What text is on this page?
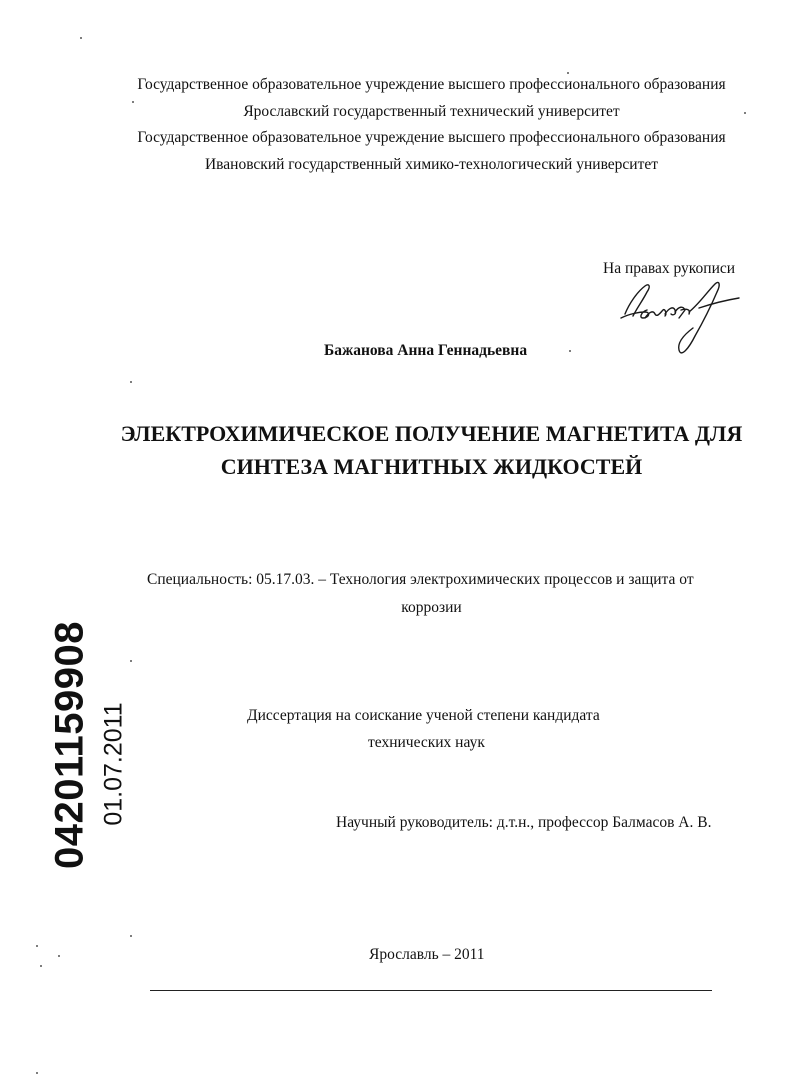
Государственное образовательное учреждение высшего профессионального образования
Ярославский государственный технический университет
Государственное образовательное учреждение высшего профессионального образования
Ивановский государственный химико-технологический университет
На правах рукописи
Бажанова Анна Геннадьевна
ЭЛЕКТРОХИМИЧЕСКОЕ ПОЛУЧЕНИЕ МАГНЕТИТА ДЛЯ
СИНТЕЗА МАГНИТНЫХ ЖИДКОСТЕЙ
Специальность: 05.17.03. – Технология электрохимических процессов и защита от
коррозии
Диссертация на соискание ученой степени кандидата
технических наук
Научный руководитель: д.т.н., профессор Балмасов А. В.
Ярославль – 2011
04201159908 01.07.2011
